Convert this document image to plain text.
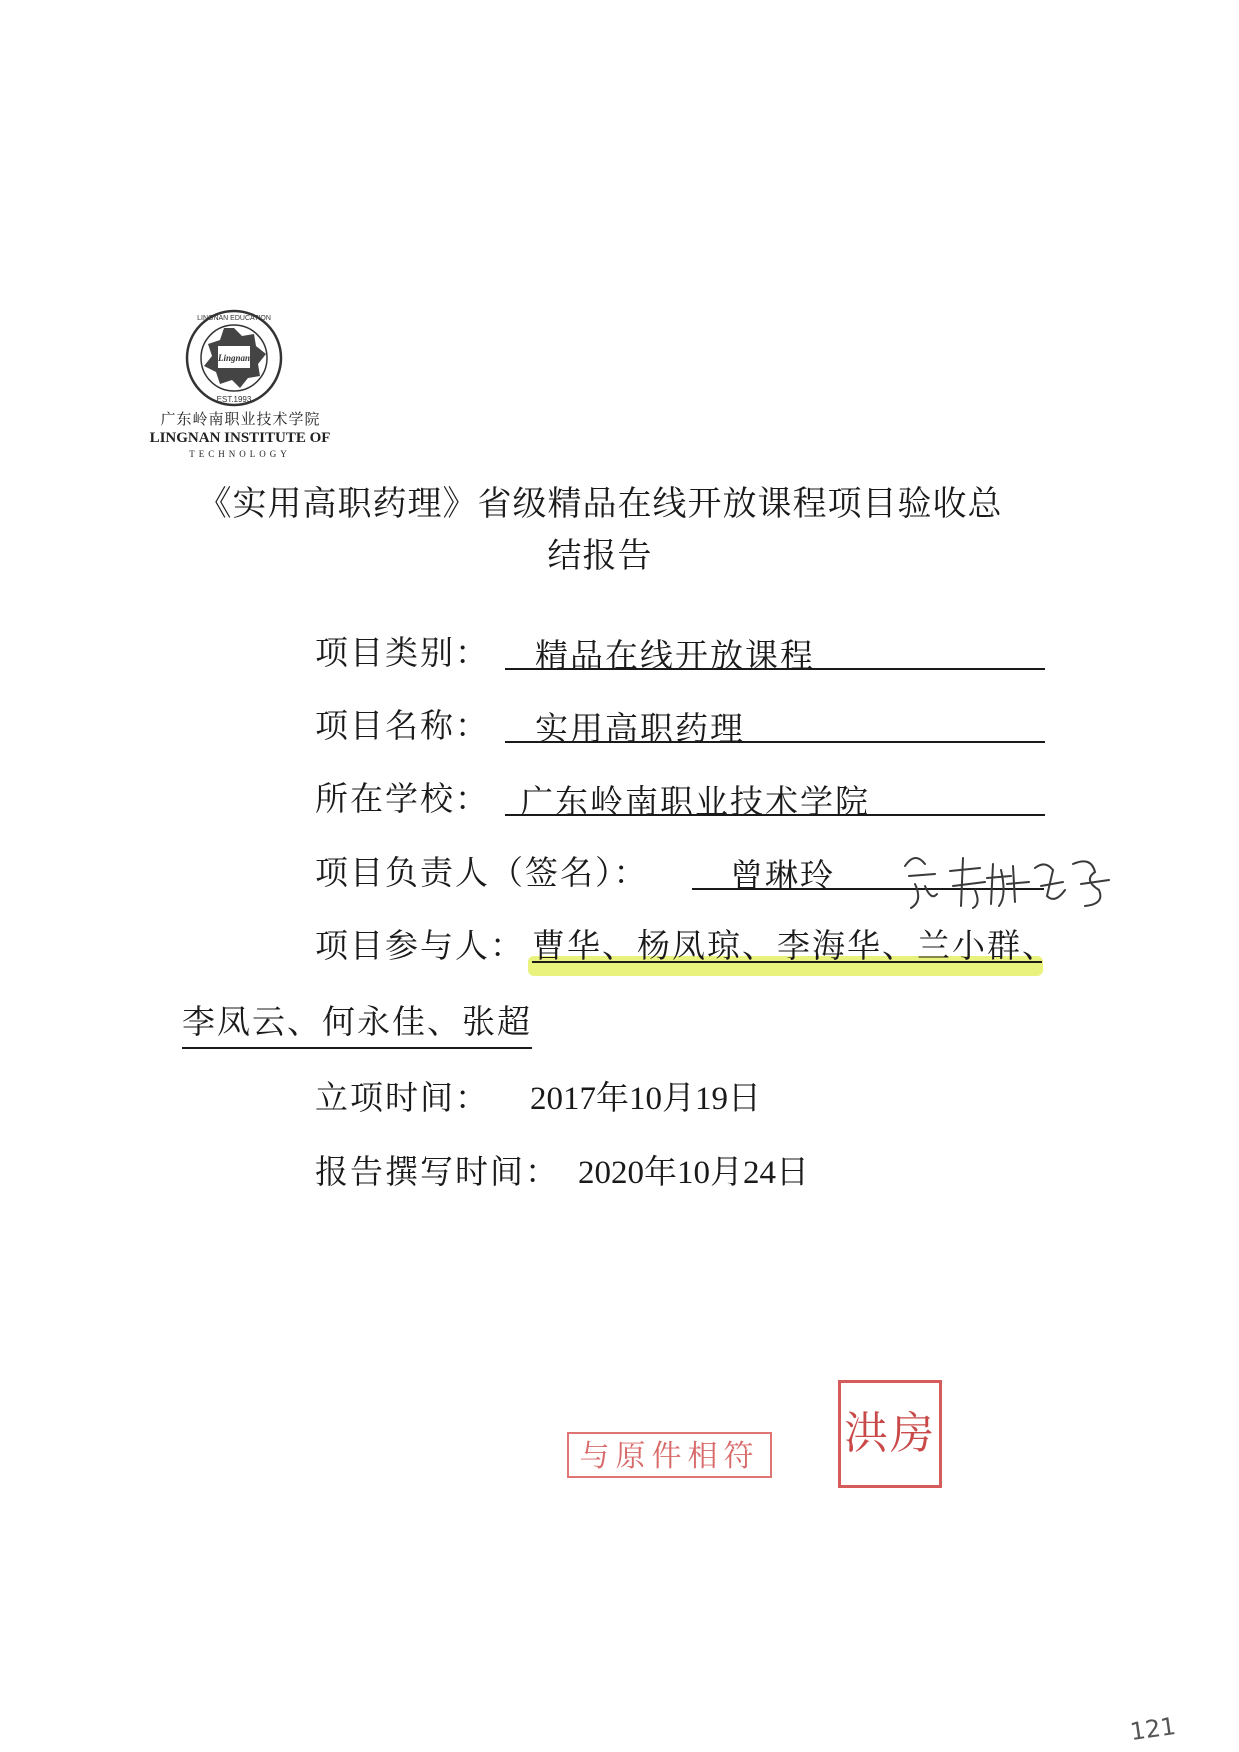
Lingnan
LINGNAN EDUCATION
EST.1993
广东岭南职业技术学院
LINGNAN INSTITUTE OF
TECHNOLOGY
《实用高职药理》省级精品在线开放课程项目验收总
结报告
项目类别： 精品在线开放课程
项目名称： 实用高职药理
所在学校： 广东岭南职业技术学院
项目负责人（签名）： 曾琳玲
项目参与人： 曹华、杨凤琼、李海华、兰小群、
李凤云、何永佳、张超
立项时间： 2017年10月19日
报告撰写时间： 2020年10月24日
与原件相符 洪房
121
